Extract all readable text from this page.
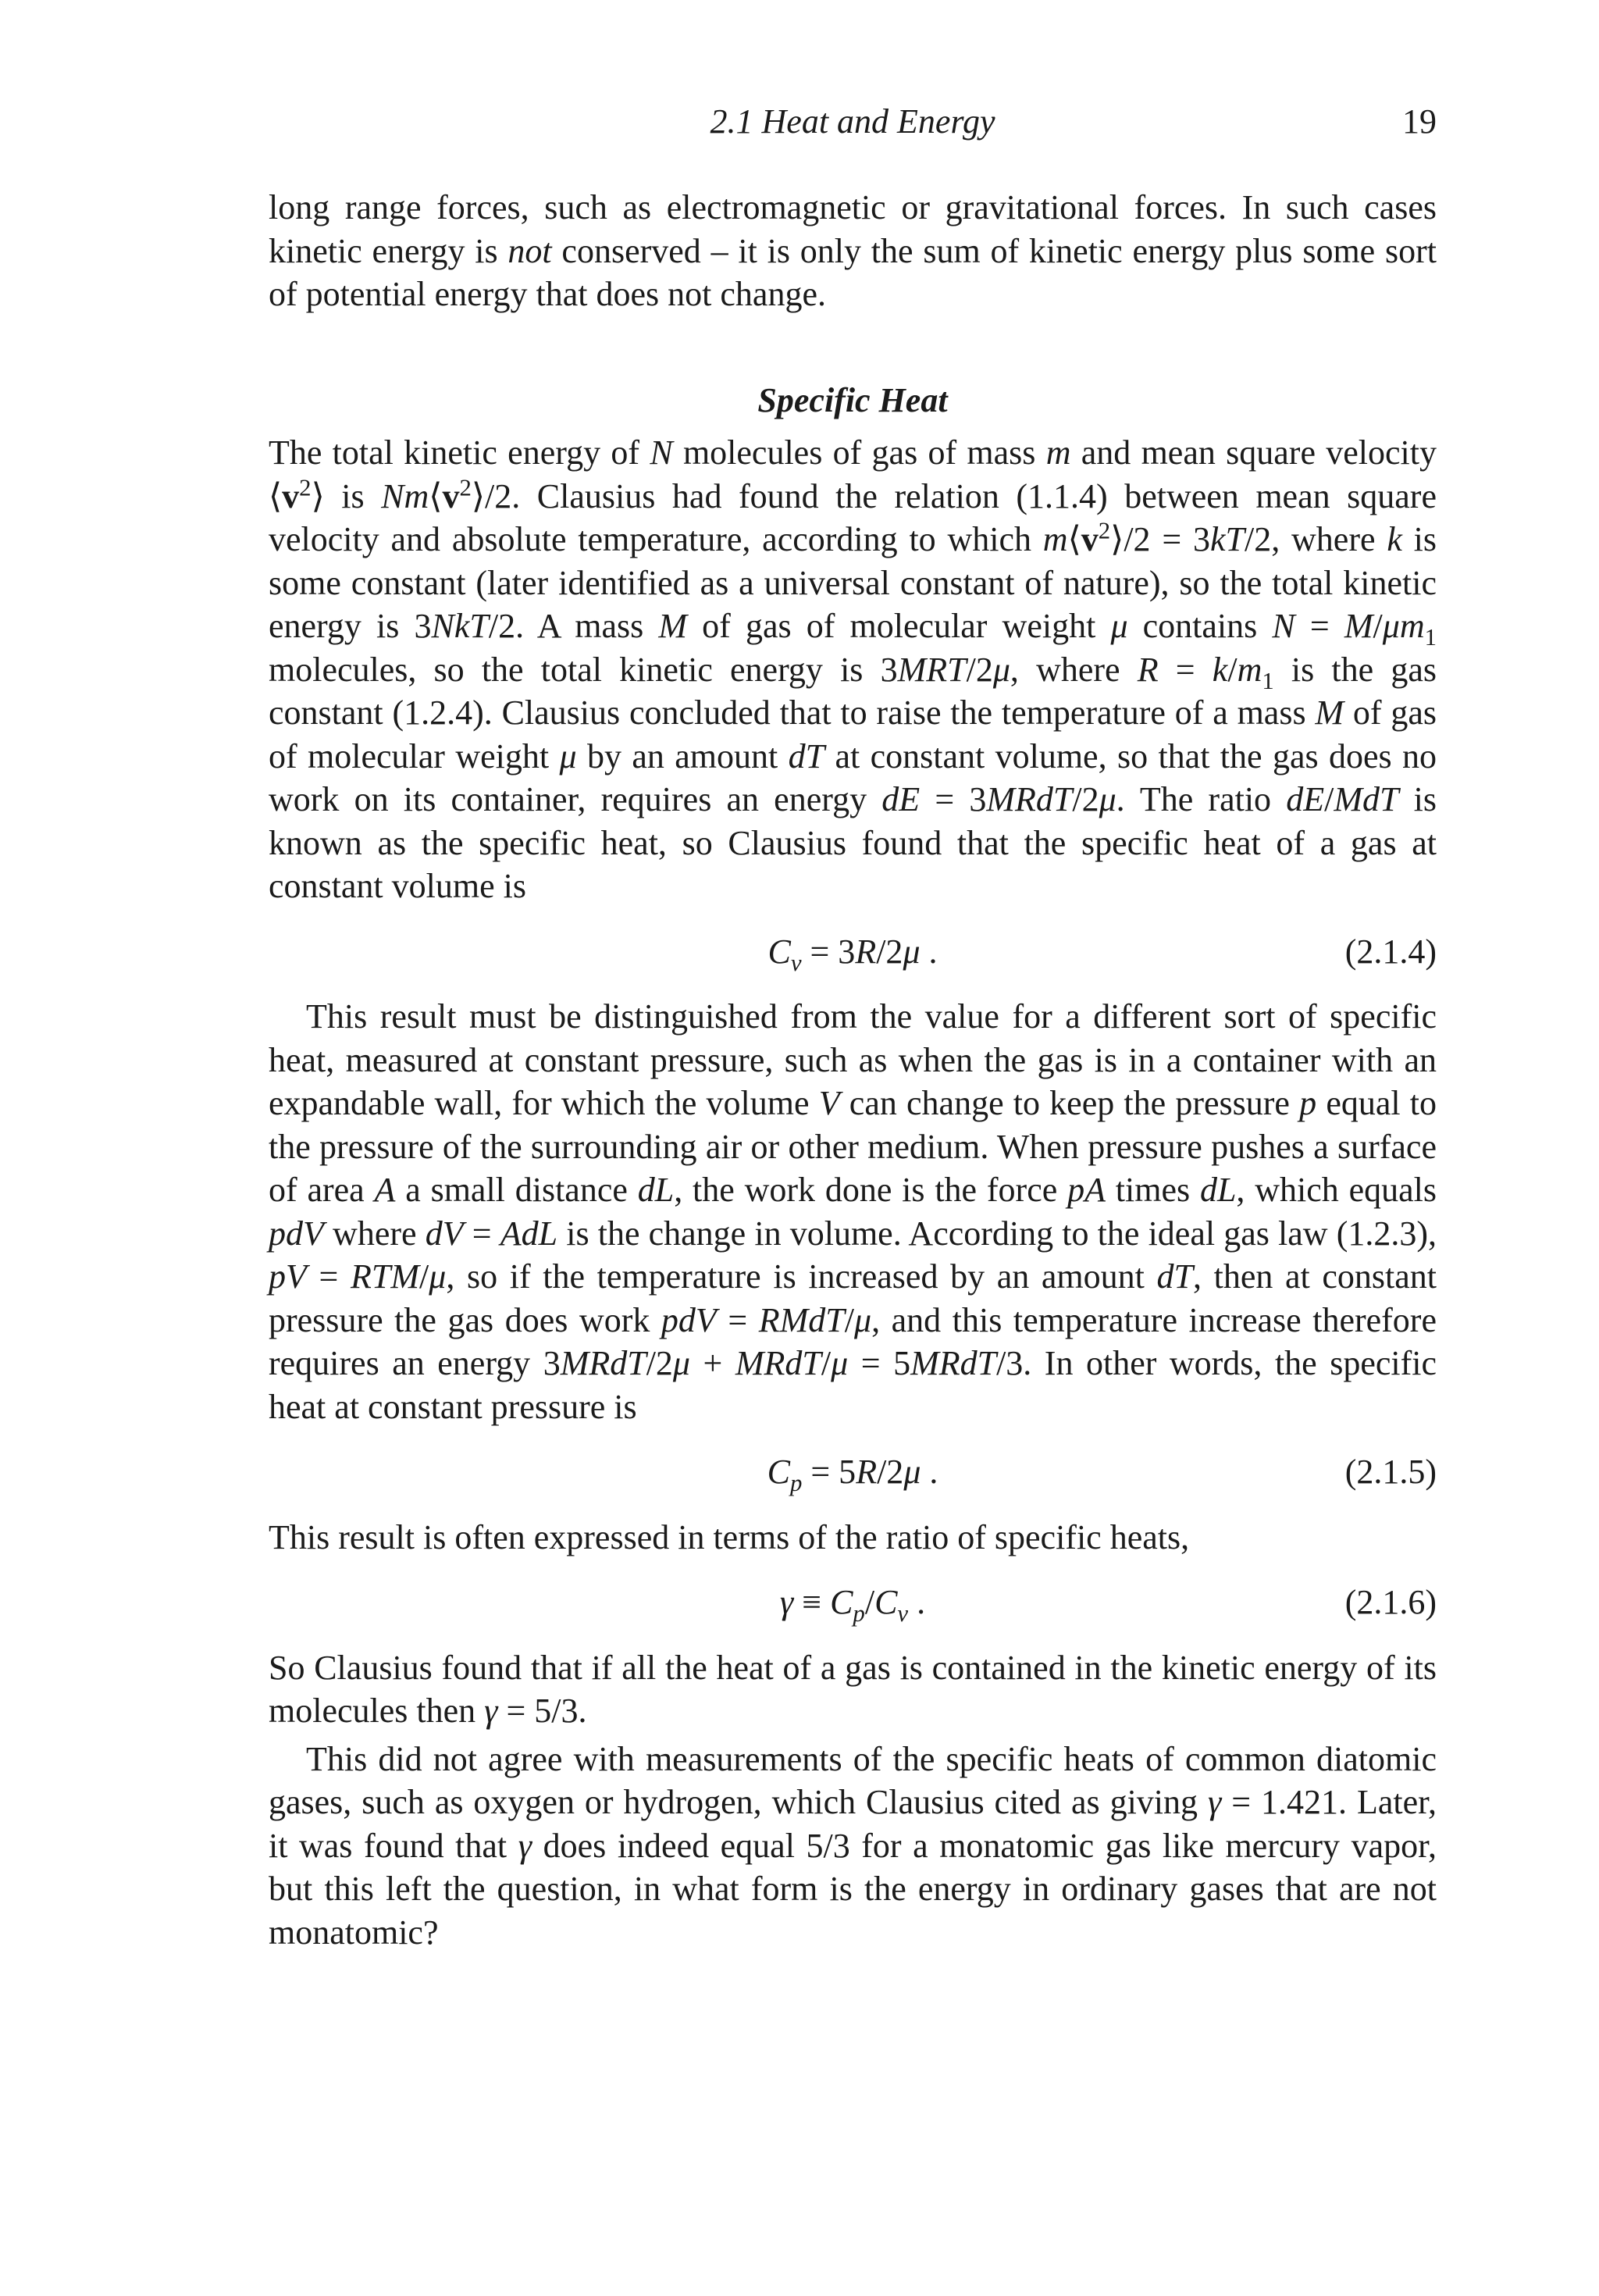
2.1 Heat and Energy	19

long range forces, such as electromagnetic or gravitational forces. In such cases kinetic energy is not conserved – it is only the sum of kinetic energy plus some sort of potential energy that does not change.

Specific Heat

The total kinetic energy of N molecules of gas of mass m and mean square velocity $⟨v^2⟩$ is $Nm⟨v^2⟩/2$. Clausius had found the relation (1.1.4) between mean square velocity and absolute temperature, according to which $m⟨v^2⟩/2 = 3kT/2$, where k is some constant (later identified as a universal constant of nature), so the total kinetic energy is 3NkT/2. A mass M of gas of molecular weight μ contains $N = M/\mu m_1$ molecules, so the total kinetic energy is 3MRT/2μ, where $R = k/m_1$ is the gas constant (1.2.4). Clausius concluded that to raise the temperature of a mass M of gas of molecular weight μ by an amount dT at constant volume, so that the gas does no work on its container, requires an energy dE = 3MRdT/2μ. The ratio dE/MdT is known as the specific heat, so Clausius found that the specific heat of a gas at constant volume is

$C_v = 3R/2\mu$ .	(2.1.4)

This result must be distinguished from the value for a different sort of specific heat, measured at constant pressure, such as when the gas is in a container with an expandable wall, for which the volume V can change to keep the pressure p equal to the pressure of the surrounding air or other medium. When pressure pushes a surface of area A a small distance dL, the work done is the force pA times dL, which equals pdV where dV = AdL is the change in volume. According to the ideal gas law (1.2.3), pV = RTM/μ, so if the temperature is increased by an amount dT, then at constant pressure the gas does work pdV = RMdT/μ, and this temperature increase therefore requires an energy 3MRdT/2μ + MRdT/μ = 5MRdT/3. In other words, the specific heat at constant pressure is

$C_p = 5R/2\mu$ .	(2.1.5)

This result is often expressed in terms of the ratio of specific heats,

$\gamma \equiv C_p/C_v$ .	(2.1.6)

So Clausius found that if all the heat of a gas is contained in the kinetic energy of its molecules then γ = 5/3.

This did not agree with measurements of the specific heats of common diatomic gases, such as oxygen or hydrogen, which Clausius cited as giving γ = 1.421. Later, it was found that γ does indeed equal 5/3 for a monatomic gas like mercury vapor, but this left the question, in what form is the energy in ordinary gases that are not monatomic?
